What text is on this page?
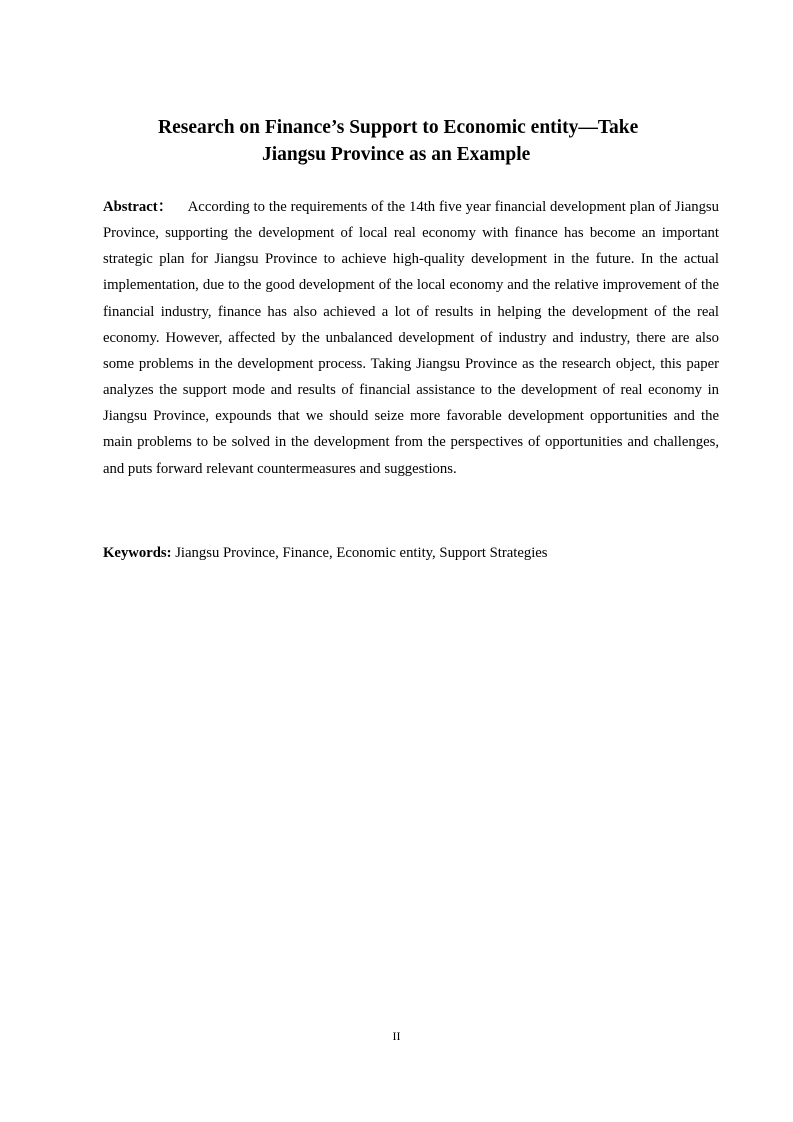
Research on Finance’s Support to Economic entity—Take
Jiangsu Province as an Example
Abstract： According to the requirements of the 14th five year financial development plan of Jiangsu Province, supporting the development of local real economy with finance has become an important strategic plan for Jiangsu Province to achieve high-quality development in the future. In the actual implementation, due to the good development of the local economy and the relative improvement of the financial industry, finance has also achieved a lot of results in helping the development of the real economy. However, affected by the unbalanced development of industry and industry, there are also some problems in the development process. Taking Jiangsu Province as the research object, this paper analyzes the support mode and results of financial assistance to the development of real economy in Jiangsu Province, expounds that we should seize more favorable development opportunities and the main problems to be solved in the development from the perspectives of opportunities and challenges, and puts forward relevant countermeasures and suggestions.
Keywords: Jiangsu Province, Finance, Economic entity, Support Strategies
II
